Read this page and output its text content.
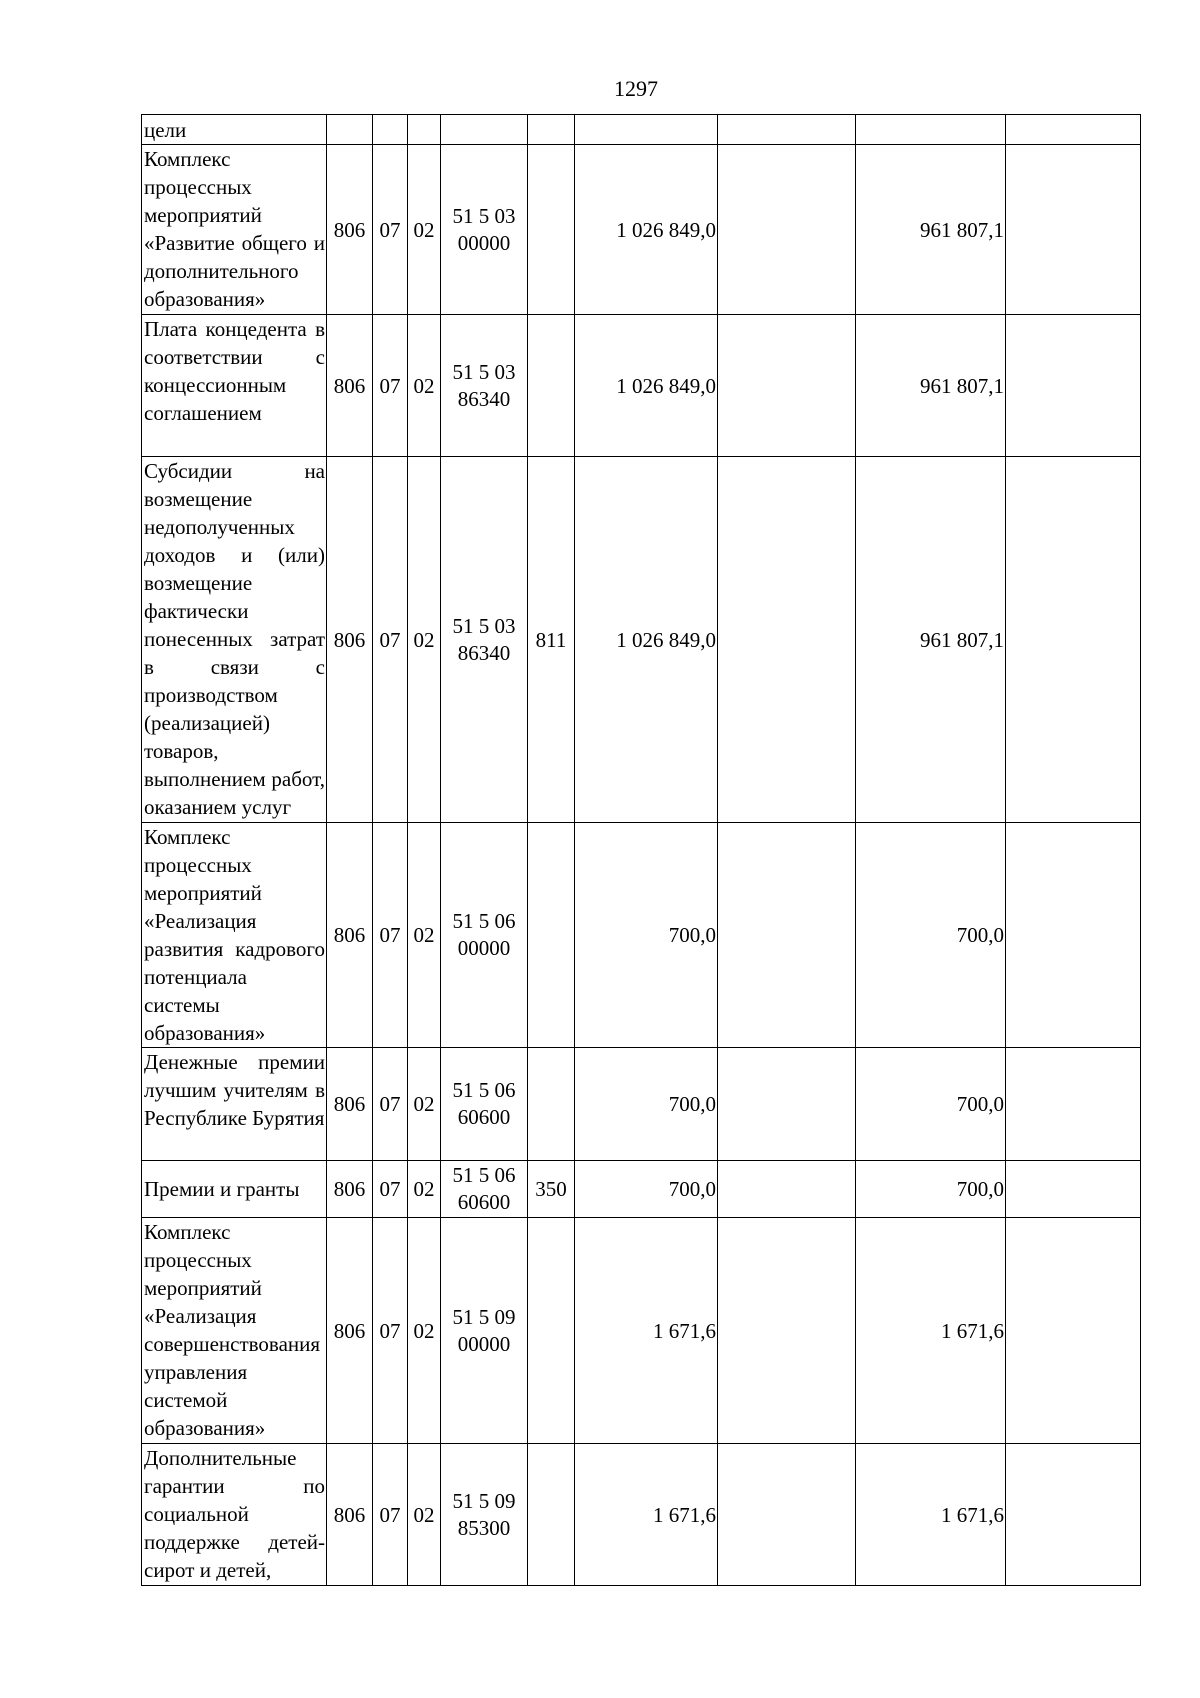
1297
цели									
Комплекс процессных мероприятий «Развитие общего и дополнительного образования»	806	07	02	51 5 03 00000		1 026 849,0		961 807,1	
Плата концедента в соответствии с концессионным соглашением	806	07	02	51 5 03 86340		1 026 849,0		961 807,1	
Субсидии на возмещение недополученных доходов и (или) возмещение фактически понесенных затрат в связи с производством (реализацией) товаров, выполнением работ, оказанием услуг	806	07	02	51 5 03 86340	811	1 026 849,0		961 807,1	
Комплекс процессных мероприятий «Реализация развития кадрового потенциала системы образования»	806	07	02	51 5 06 00000		700,0		700,0	
Денежные премии лучшим учителям в Республике Бурятия	806	07	02	51 5 06 60600		700,0		700,0	
Премии и гранты	806	07	02	51 5 06 60600	350	700,0		700,0	
Комплекс процессных мероприятий «Реализация совершенствования управления системой образования»	806	07	02	51 5 09 00000		1 671,6		1 671,6	
Дополнительные гарантии по социальной поддержке детей-сирот и детей,	806	07	02	51 5 09 85300		1 671,6		1 671,6	
